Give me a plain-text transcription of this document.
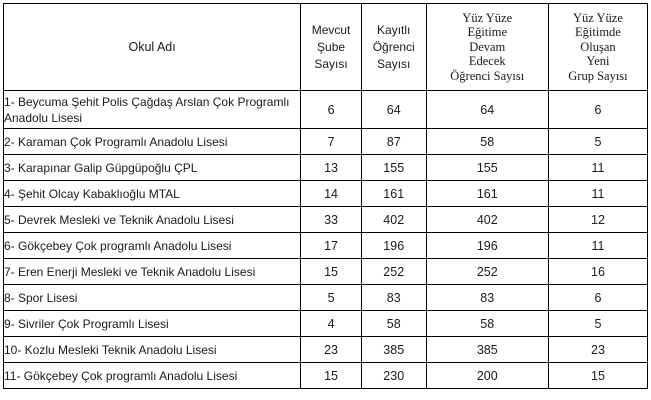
Okul Adı	Mevcut
Şube
Sayısı	Kayıtlı
Öğrenci
Sayısı	Yüz Yüze
Eğitime
Devam
Edecek
Öğrenci Sayısı	Yüz Yüze
Eğitimde
Oluşan
Yeni
Grup Sayısı

1- Beycuma Şehit Polis Çağdaş Arslan Çok Programlı Anadolu Lisesi	6	64	64	6
2- Karaman Çok Programlı Anadolu Lisesi	7	87	58	5
3- Karapınar Galip Güpgüpoğlu ÇPL	13	155	155	11
4- Şehit Olcay Kabaklıoğlu MTAL	14	161	161	11
5- Devrek Mesleki ve Teknik Anadolu Lisesi	33	402	402	12
6- Gökçebey Çok programlı Anadolu Lisesi	17	196	196	11
7- Eren Enerji Mesleki ve Teknik Anadolu Lisesi	15	252	252	16
8- Spor Lisesi	5	83	83	6
9- Sivriler Çok Programlı Lisesi	4	58	58	5
10- Kozlu Mesleki Teknik Anadolu Lisesi	23	385	385	23
11- Gökçebey Çok programlı Anadolu Lisesi	15	230	200	15
